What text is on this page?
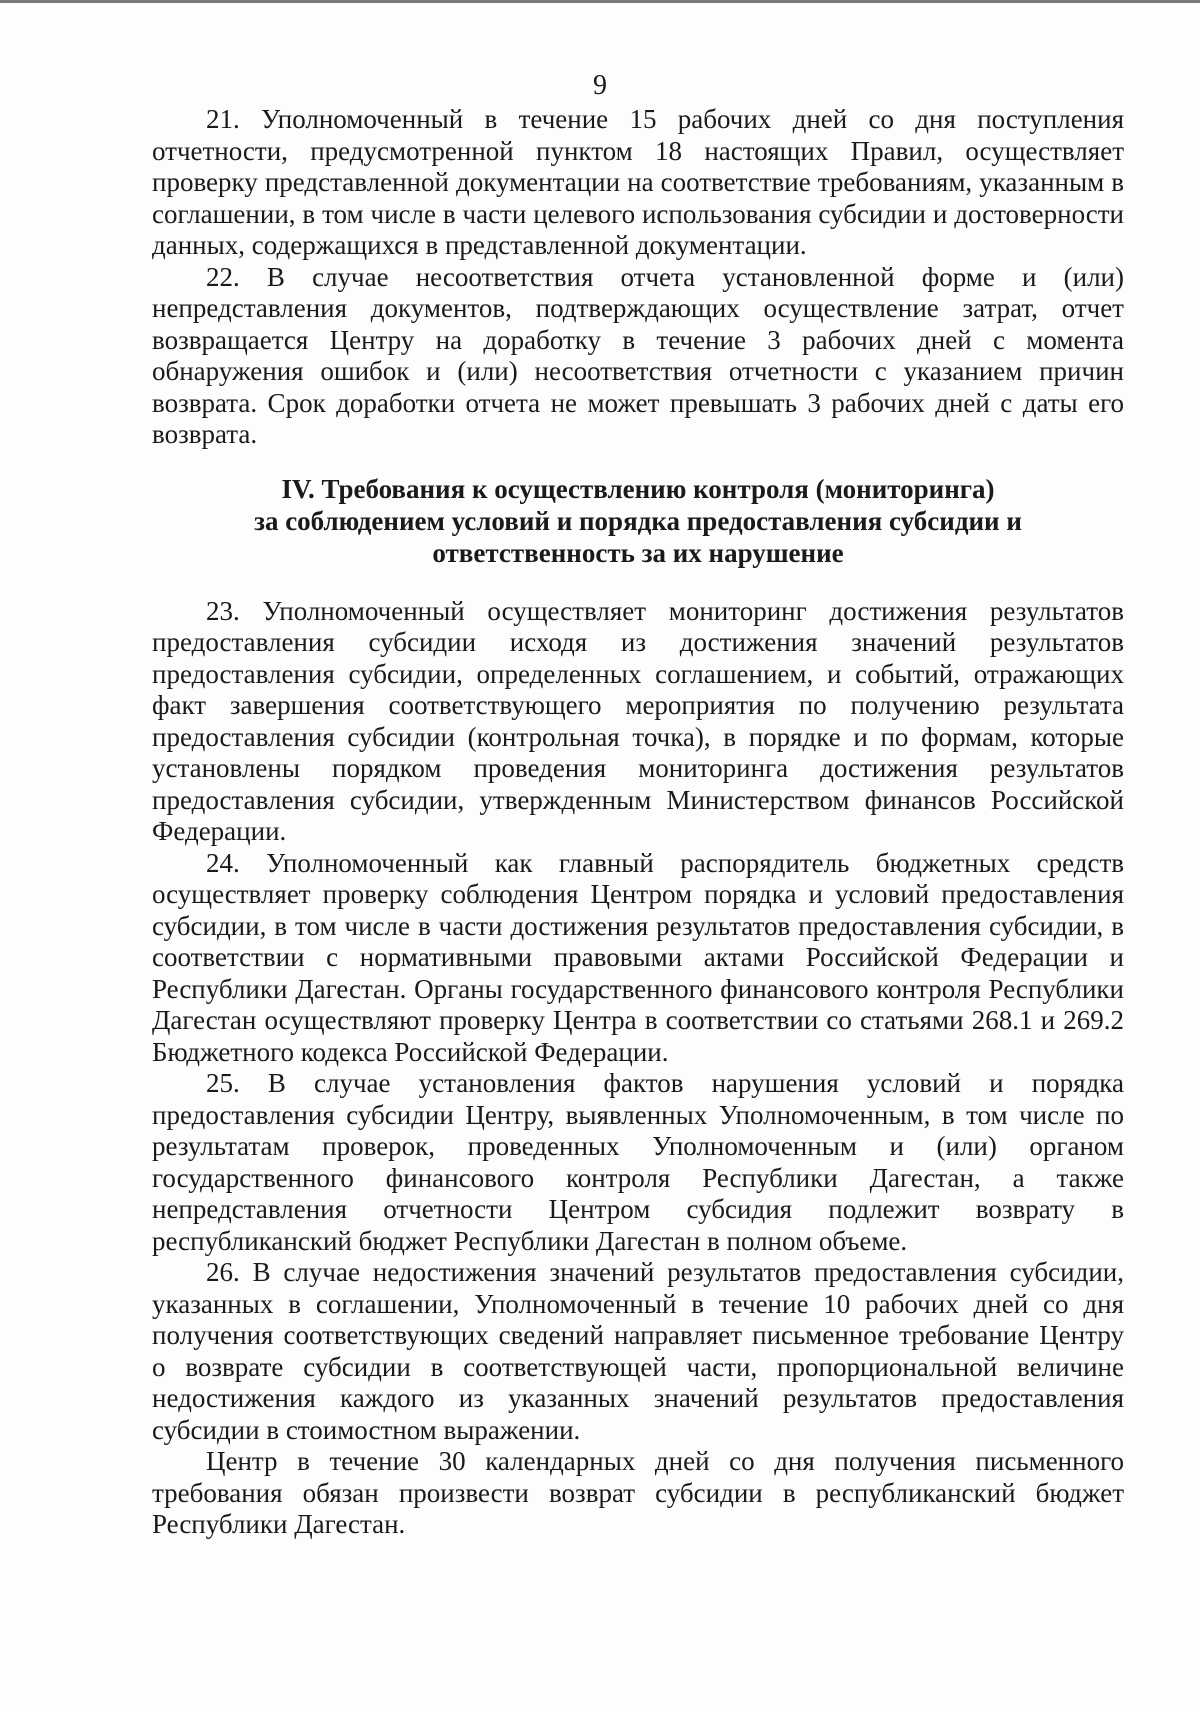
9

21. Уполномоченный в течение 15 рабочих дней со дня поступления отчетности, предусмотренной пунктом 18 настоящих Правил, осуществляет проверку представленной документации на соответствие требованиям, указанным в соглашении, в том числе в части целевого использования субсидии и достоверности данных, содержащихся в представленной документации.

22. В случае несоответствия отчета установленной форме и (или) непредставления документов, подтверждающих осуществление затрат, отчет возвращается Центру на доработку в течение 3 рабочих дней с момента обнаружения ошибок и (или) несоответствия отчетности с указанием причин возврата. Срок доработки отчета не может превышать 3 рабочих дней с даты его возврата.

IV. Требования к осуществлению контроля (мониторинга)
за соблюдением условий и порядка предоставления субсидии и
ответственность за их нарушение

23. Уполномоченный осуществляет мониторинг достижения результатов предоставления субсидии исходя из достижения значений результатов предоставления субсидии, определенных соглашением, и событий, отражающих факт завершения соответствующего мероприятия по получению результата предоставления субсидии (контрольная точка), в порядке и по формам, которые установлены порядком проведения мониторинга достижения результатов предоставления субсидии, утвержденным Министерством финансов Российской Федерации.

24. Уполномоченный как главный распорядитель бюджетных средств осуществляет проверку соблюдения Центром порядка и условий предоставления субсидии, в том числе в части достижения результатов предоставления субсидии, в соответствии с нормативными правовыми актами Российской Федерации и Республики Дагестан. Органы государственного финансового контроля Республики Дагестан осуществляют проверку Центра в соответствии со статьями 268.1 и 269.2 Бюджетного кодекса Российской Федерации.

25. В случае установления фактов нарушения условий и порядка предоставления субсидии Центру, выявленных Уполномоченным, в том числе по результатам проверок, проведенных Уполномоченным и (или) органом государственного финансового контроля Республики Дагестан, а также непредставления отчетности Центром субсидия подлежит возврату в республиканский бюджет Республики Дагестан в полном объеме.

26. В случае недостижения значений результатов предоставления субсидии, указанных в соглашении, Уполномоченный в течение 10 рабочих дней со дня получения соответствующих сведений направляет письменное требование Центру о возврате субсидии в соответствующей части, пропорциональной величине недостижения каждого из указанных значений результатов предоставления субсидии в стоимостном выражении.

Центр в течение 30 календарных дней со дня получения письменного требования обязан произвести возврат субсидии в республиканский бюджет Республики Дагестан.
